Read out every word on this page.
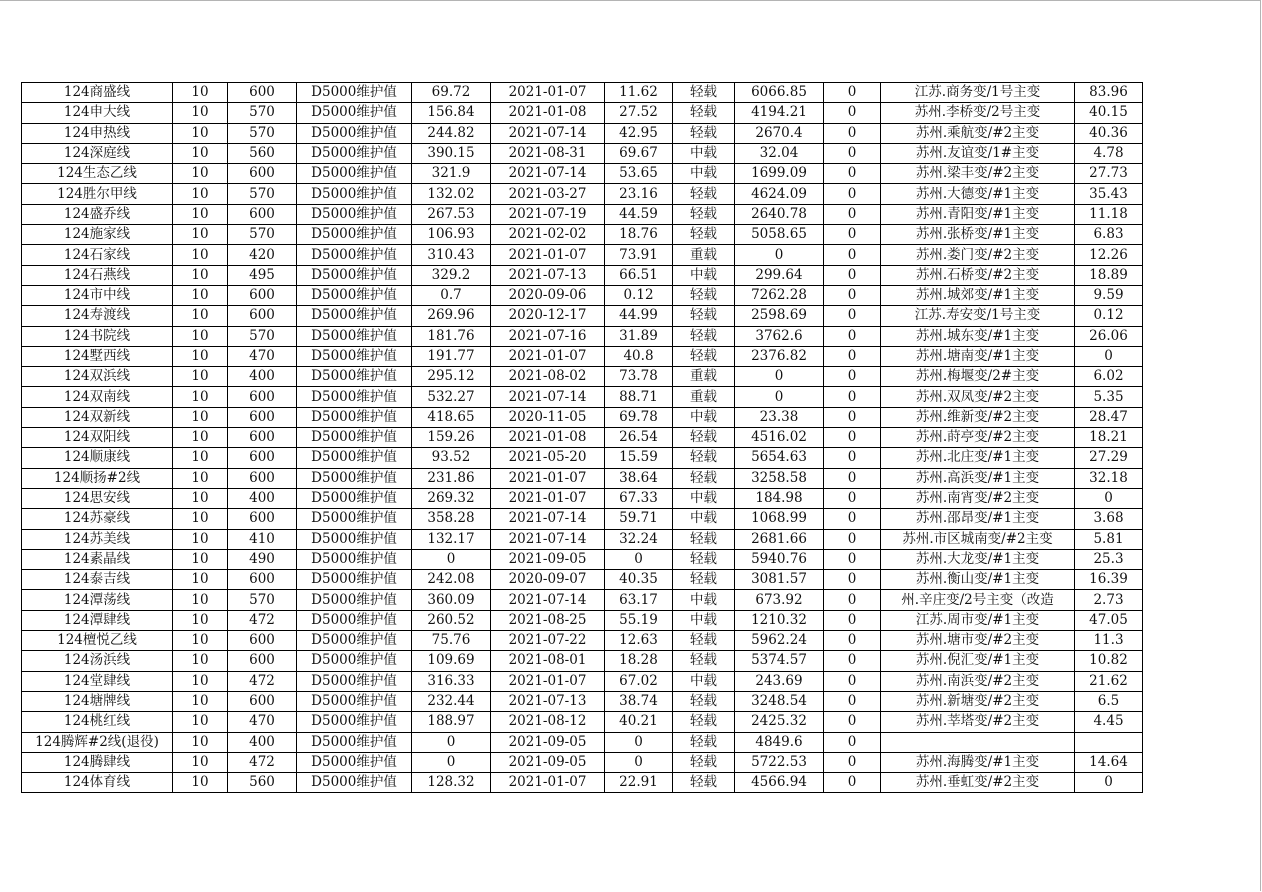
124商盛线	10	600	D5000维护值	69.72	2021-01-07	11.62	轻载	6066.85	0	江苏.商务变/1号主变	83.96
124申大线	10	570	D5000维护值	156.84	2021-01-08	27.52	轻载	4194.21	0	苏州.李桥变/2号主变	40.15
124申热线	10	570	D5000维护值	244.82	2021-07-14	42.95	轻载	2670.4	0	苏州.乘航变/#2主变	40.36
124深庭线	10	560	D5000维护值	390.15	2021-08-31	69.67	中载	32.04	0	苏州.友谊变/1#主变	4.78
124生态乙线	10	600	D5000维护值	321.9	2021-07-14	53.65	中载	1699.09	0	苏州.梁丰变/#2主变	27.73
124胜尔甲线	10	570	D5000维护值	132.02	2021-03-27	23.16	轻载	4624.09	0	苏州.大德变/#1主变	35.43
124盛乔线	10	600	D5000维护值	267.53	2021-07-19	44.59	轻载	2640.78	0	苏州.青阳变/#1主变	11.18
124施家线	10	570	D5000维护值	106.93	2021-02-02	18.76	轻载	5058.65	0	苏州.张桥变/#1主变	6.83
124石家线	10	420	D5000维护值	310.43	2021-01-07	73.91	重载	0	0	苏州.娄门变/#2主变	12.26
124石燕线	10	495	D5000维护值	329.2	2021-07-13	66.51	中载	299.64	0	苏州.石桥变/#2主变	18.89
124市中线	10	600	D5000维护值	0.7	2020-09-06	0.12	轻载	7262.28	0	苏州.城郊变/#1主变	9.59
124寿渡线	10	600	D5000维护值	269.96	2020-12-17	44.99	轻载	2598.69	0	江苏.寿安变/1号主变	0.12
124书院线	10	570	D5000维护值	181.76	2021-07-16	31.89	轻载	3762.6	0	苏州.城东变/#1主变	26.06
124墅西线	10	470	D5000维护值	191.77	2021-01-07	40.8	轻载	2376.82	0	苏州.塘南变/#1主变	0
124双浜线	10	400	D5000维护值	295.12	2021-08-02	73.78	重载	0	0	苏州.梅堰变/2#主变	6.02
124双南线	10	600	D5000维护值	532.27	2021-07-14	88.71	重载	0	0	苏州.双凤变/#2主变	5.35
124双新线	10	600	D5000维护值	418.65	2020-11-05	69.78	中载	23.38	0	苏州.维新变/#2主变	28.47
124双阳线	10	600	D5000维护值	159.26	2021-01-08	26.54	轻载	4516.02	0	苏州.莳亭变/#2主变	18.21
124顺康线	10	600	D5000维护值	93.52	2021-05-20	15.59	轻载	5654.63	0	苏州.北庄变/#1主变	27.29
124顺扬#2线	10	600	D5000维护值	231.86	2021-01-07	38.64	轻载	3258.58	0	苏州.高浜变/#1主变	32.18
124思安线	10	400	D5000维护值	269.32	2021-01-07	67.33	中载	184.98	0	苏州.南宵变/#2主变	0
124苏豪线	10	600	D5000维护值	358.28	2021-07-14	59.71	中载	1068.99	0	苏州.邵昂变/#1主变	3.68
124苏美线	10	410	D5000维护值	132.17	2021-07-14	32.24	轻载	2681.66	0	苏州.市区城南变/#2主变	5.81
124素晶线	10	490	D5000维护值	0	2021-09-05	0	轻载	5940.76	0	苏州.大龙变/#1主变	25.3
124泰吉线	10	600	D5000维护值	242.08	2020-09-07	40.35	轻载	3081.57	0	苏州.衡山变/#1主变	16.39
124潭荡线	10	570	D5000维护值	360.09	2021-07-14	63.17	中载	673.92	0	州.辛庄变/2号主变（改造	2.73
124潭肆线	10	472	D5000维护值	260.52	2021-08-25	55.19	中载	1210.32	0	江苏.周市变/#1主变	47.05
124檀悦乙线	10	600	D5000维护值	75.76	2021-07-22	12.63	轻载	5962.24	0	苏州.塘市变/#2主变	11.3
124汤浜线	10	600	D5000维护值	109.69	2021-08-01	18.28	轻载	5374.57	0	苏州.倪汇变/#1主变	10.82
124堂肆线	10	472	D5000维护值	316.33	2021-01-07	67.02	中载	243.69	0	苏州.南浜变/#2主变	21.62
124塘牌线	10	600	D5000维护值	232.44	2021-07-13	38.74	轻载	3248.54	0	苏州.新塘变/#2主变	6.5
124桃红线	10	470	D5000维护值	188.97	2021-08-12	40.21	轻载	2425.32	0	苏州.莘塔变/#2主变	4.45
124腾辉#2线(退役)	10	400	D5000维护值	0	2021-09-05	0	轻载	4849.6	0		
124腾肆线	10	472	D5000维护值	0	2021-09-05	0	轻载	5722.53	0	苏州.海腾变/#1主变	14.64
124体育线	10	560	D5000维护值	128.32	2021-01-07	22.91	轻载	4566.94	0	苏州.垂虹变/#2主变	0
